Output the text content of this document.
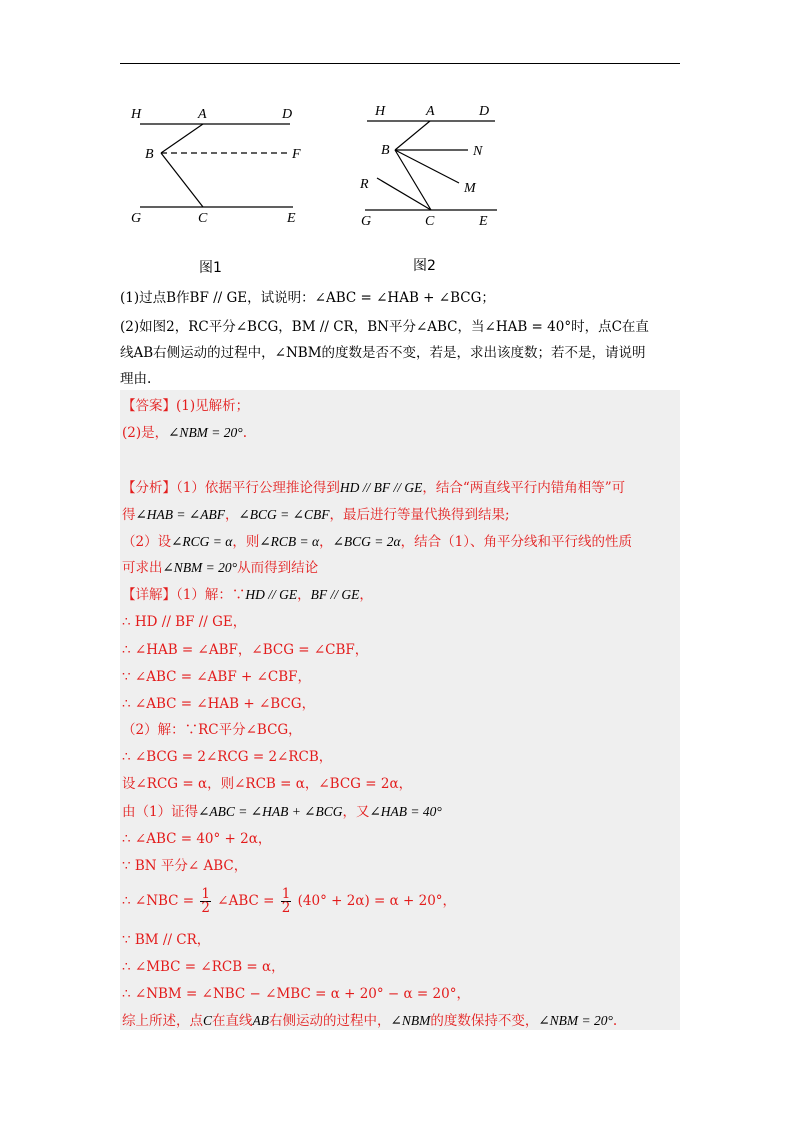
H	A	D
B	F
G	C	E
图1
H	A	D
B	N
R	M
G	C	E
图2
(1)过点B作BF // GE，试说明：∠ABC = ∠HAB + ∠BCG；
(2)如图2，RC平分∠BCG，BM // CR，BN平分∠ABC，当∠HAB = 40°时，点C在直
线AB右侧运动的过程中，∠NBM的度数是否不变，若是，求出该度数；若不是，请说明
理由.
【答案】(1)见解析；
(2)是，∠NBM = 20°.
【分析】（1）依据平行公理推论得到HD // BF // GE，结合“两直线平行内错角相等”可
得∠HAB = ∠ABF，∠BCG = ∠CBF，最后进行等量代换得到结果;
（2）设∠RCG = α，则∠RCB = α，∠BCG = 2α，结合（1）、角平分线和平行线的性质
可求出∠NBM = 20°从而得到结论
【详解】（1）解：∵HD // GE，BF // GE，
∴ HD // BF // GE，
∴ ∠HAB = ∠ABF，∠BCG = ∠CBF，
∵ ∠ABC = ∠ABF + ∠CBF，
∴ ∠ABC = ∠HAB + ∠BCG，
（2）解：∵RC平分∠BCG，
∴ ∠BCG = 2∠RCG = 2∠RCB，
设∠RCG = α，则∠RCB = α，∠BCG = 2α，
由（1）证得∠ABC = ∠HAB + ∠BCG，又∠HAB = 40°
∴ ∠ABC = 40° + 2α，
∵ BN 平分∠ ABC，
∴ ∠NBC = $\frac{1}{2}$ ∠ABC = $\frac{1}{2} (40^\circ + 2\alpha) = \alpha + 20^\circ$，
∵ BM // CR，
∴ ∠MBC = ∠RCB = α，
∴ ∠NBM = ∠NBC − ∠MBC = α + 20° − α = 20°，
综上所述，点C在直线AB右侧运动的过程中，∠NBM的度数保持不变，∠NBM = 20°.
